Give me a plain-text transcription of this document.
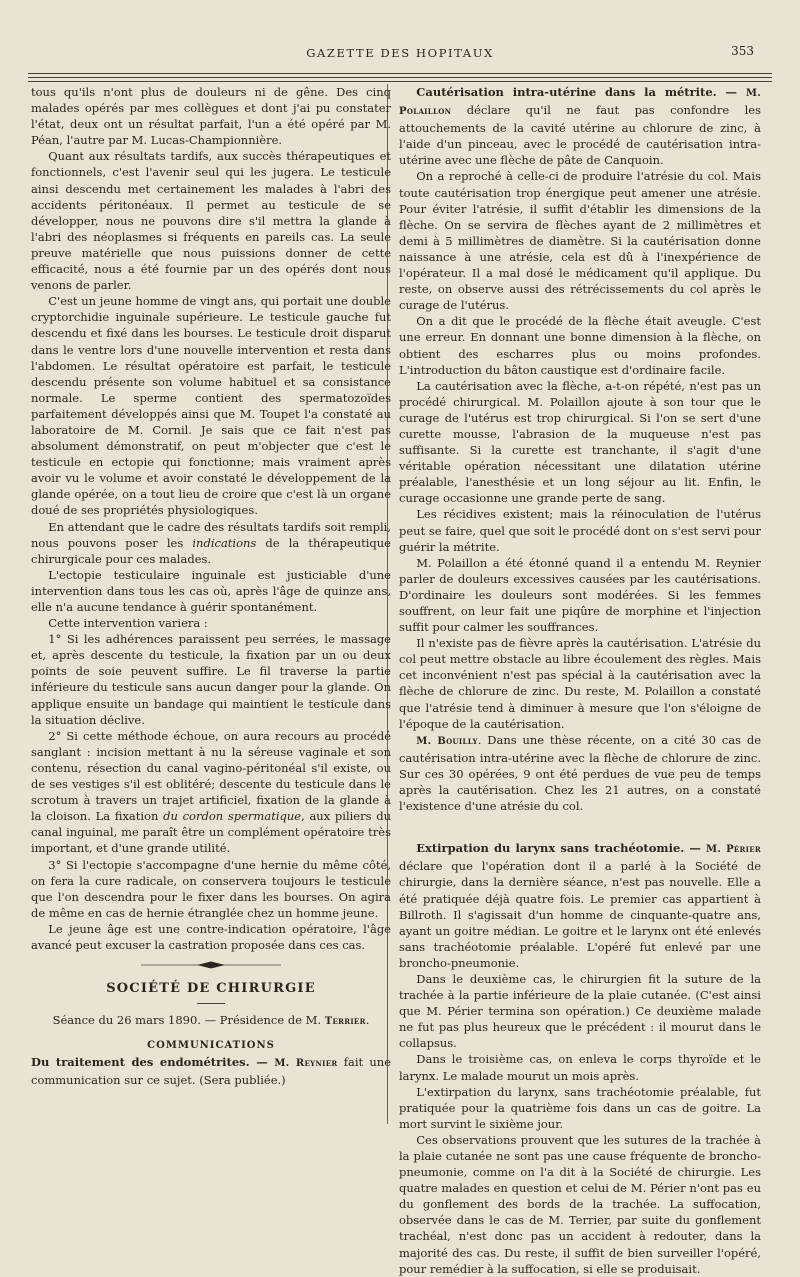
GAZETTE DES HOPITAUX	353

tous qu'ils n'ont plus de douleurs ni de gêne. Des cinq malades opérés par mes collègues et dont j'ai pu constater l'état, deux ont un résultat parfait, l'un a été opéré par M. Péan, l'autre par M. Lucas-Championnière.

Quant aux résultats tardifs, aux succès thérapeutiques et fonctionnels, c'est l'avenir seul qui les jugera. Le testicule ainsi descendu met certainement les malades à l'abri des accidents péritonéaux. Il permet au testicule de se développer, nous ne pouvons dire s'il mettra la glande à l'abri des néoplasmes si fréquents en pareils cas. La seule preuve matérielle que nous puissions donner de cette efficacité, nous a été fournie par un des opérés dont nous venons de parler.

C'est un jeune homme de vingt ans, qui portait une double cryptorchidie inguinale supérieure. Le testicule gauche fut descendu et fixé dans les bourses. Le testicule droit disparut dans le ventre lors d'une nouvelle intervention et resta dans l'abdomen. Le résultat opératoire est parfait, le testicule descendu présente son volume habituel et sa consistance normale. Le sperme contient des spermatozoïdes parfaitement développés ainsi que M. Toupet l'a constaté au laboratoire de M. Cornil. Je sais que ce fait n'est pas absolument démonstratif, on peut m'objecter que c'est le testicule en ectopie qui fonctionne; mais vraiment après avoir vu le volume et avoir constaté le développement de la glande opérée, on a tout lieu de croire que c'est là un organe doué de ses propriétés physiologiques.

En attendant que le cadre des résultats tardifs soit rempli, nous pouvons poser les indications de la thérapeutique chirurgicale pour ces malades.

L'ectopie testiculaire inguinale est justiciable d'une intervention dans tous les cas où, après l'âge de quinze ans, elle n'a aucune tendance à guérir spontanément.

Cette intervention variera :

1° Si les adhérences paraissent peu serrées, le massage et, après descente du testicule, la fixation par un ou deux points de soie peuvent suffire. Le fil traverse la partie inférieure du testicule sans aucun danger pour la glande. On applique ensuite un bandage qui maintient le testicule dans la situation déclive.

2° Si cette méthode échoue, on aura recours au procédé sanglant : incision mettant à nu la séreuse vaginale et son contenu, résection du canal vagino-péritonéal s'il existe, ou de ses vestiges s'il est oblitéré; descente du testicule dans le scrotum à travers un trajet artificiel, fixation de la glande à la cloison. La fixation du cordon spermatique, aux piliers du canal inguinal, me paraît être un complément opératoire très important, et d'une grande utilité.

3° Si l'ectopie s'accompagne d'une hernie du même côté, on fera la cure radicale, on conservera toujours le testicule que l'on descendra pour le fixer dans les bourses. On agira de même en cas de hernie étranglée chez un homme jeune.

Le jeune âge est une contre-indication opératoire, l'âge avancé peut excuser la castration proposée dans ces cas.

SOCIÉTÉ DE CHIRURGIE
Séance du 26 mars 1890. — Présidence de M. Terrier.
COMMUNICATIONS

Du traitement des endométrites. — M. Reynier fait une communication sur ce sujet. (Sera publiée.)

Cautérisation intra-utérine dans la métrite. — M. Polaillon déclare qu'il ne faut pas confondre les attouchements de la cavité utérine au chlorure de zinc, à l'aide d'un pinceau, avec le procédé de cautérisation intra-utérine avec une flèche de pâte de Canquoin.

On a reproché à celle-ci de produire l'atrésie du col. Mais toute cautérisation trop énergique peut amener une atrésie. Pour éviter l'atrésie, il suffit d'établir les dimensions de la flèche. On se servira de flèches ayant de 2 millimètres et demi à 5 millimètres de diamètre. Si la cautérisation donne naissance à une atrésie, cela est dû à l'inexpérience de l'opérateur. Il a mal dosé le médicament qu'il applique. Du reste, on observe aussi des rétrécissements du col après le curage de l'utérus.

On a dit que le procédé de la flèche était aveugle. C'est une erreur. En donnant une bonne dimension à la flèche, on obtient des escharres plus ou moins profondes. L'introduction du bâton caustique est d'ordinaire facile.

La cautérisation avec la flèche, a-t-on répété, n'est pas un procédé chirurgical. M. Polaillon ajoute à son tour que le curage de l'utérus est trop chirurgical. Si l'on se sert d'une curette mousse, l'abrasion de la muqueuse n'est pas suffisante. Si la curette est tranchante, il s'agit d'une véritable opération nécessitant une dilatation utérine préalable, l'anesthésie et un long séjour au lit. Enfin, le curage occasionne une grande perte de sang.

Les récidives existent; mais la réinoculation de l'utérus peut se faire, quel que soit le procédé dont on s'est servi pour guérir la métrite.

M. Polaillon a été étonné quand il a entendu M. Reynier parler de douleurs excessives causées par les cautérisations. D'ordinaire les douleurs sont modérées. Si les femmes souffrent, on leur fait une piqûre de morphine et l'injection suffit pour calmer les souffrances.

Il n'existe pas de fièvre après la cautérisation. L'atrésie du col peut mettre obstacle au libre écoulement des règles. Mais cet inconvénient n'est pas spécial à la cautérisation avec la flèche de chlorure de zinc. Du reste, M. Polaillon a constaté que l'atrésie tend à diminuer à mesure que l'on s'éloigne de l'époque de la cautérisation.

M. Bouilly. Dans une thèse récente, on a cité 30 cas de cautérisation intra-utérine avec la flèche de chlorure de zinc. Sur ces 30 opérées, 9 ont été perdues de vue peu de temps après la cautérisation. Chez les 21 autres, on a constaté l'existence d'une atrésie du col.

Extirpation du larynx sans trachéotomie. — M. Périer déclare que l'opération dont il a parlé à la Société de chirurgie, dans la dernière séance, n'est pas nouvelle. Elle a été pratiquée déjà quatre fois. Le premier cas appartient à Billroth. Il s'agissait d'un homme de cinquante-quatre ans, ayant un goitre médian. Le goitre et le larynx ont été enlevés sans trachéotomie préalable. L'opéré fut enlevé par une broncho-pneumonie.

Dans le deuxième cas, le chirurgien fit la suture de la trachée à la partie inférieure de la plaie cutanée. (C'est ainsi que M. Périer termina son opération.) Ce deuxième malade ne fut pas plus heureux que le précédent : il mourut dans le collapsus.

Dans le troisième cas, on enleva le corps thyroïde et le larynx. Le malade mourut un mois après.

L'extirpation du larynx, sans trachéotomie préalable, fut pratiquée pour la quatrième fois dans un cas de goitre. La mort survint le sixième jour.

Ces observations prouvent que les sutures de la trachée à la plaie cutanée ne sont pas une cause fréquente de broncho-pneumonie, comme on l'a dit à la Société de chirurgie. Les quatre malades en question et celui de M. Périer n'ont pas eu du gonflement des bords de la trachée. La suffocation, observée dans le cas de M. Terrier, par suite du gonflement trachéal, n'est donc pas un accident à redouter, dans la majorité des cas. Du reste, il suffit de bien surveiller l'opéré, pour remédier à la suffocation, si elle se produisait.
